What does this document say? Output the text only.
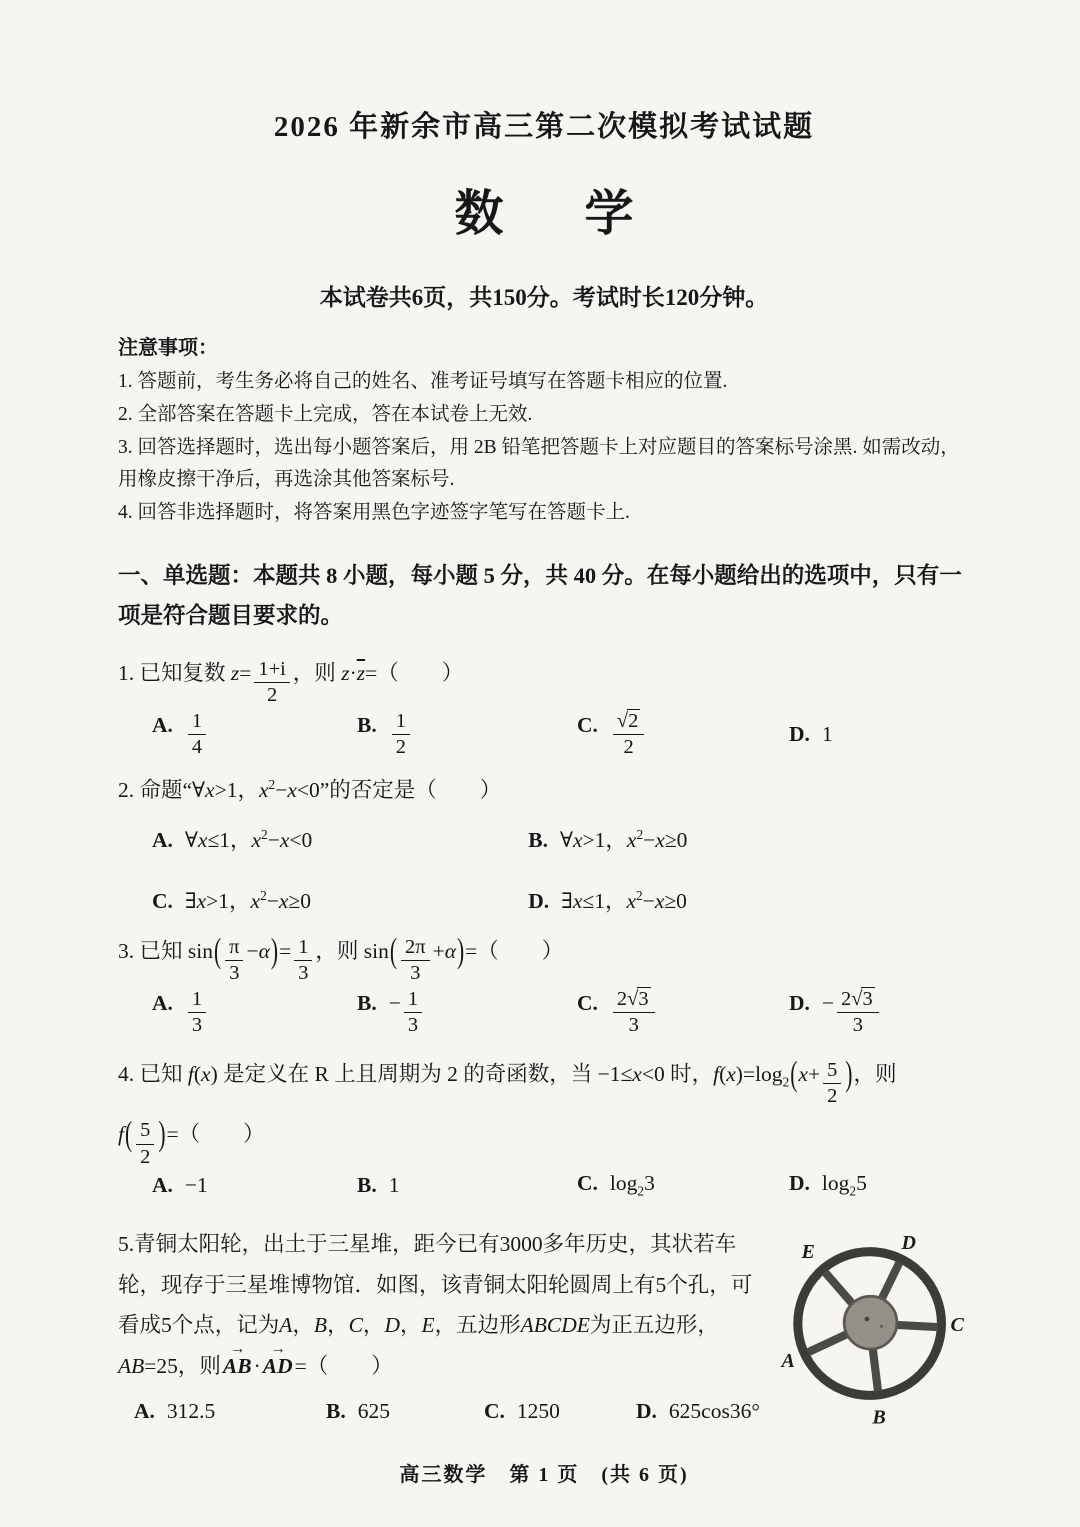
2026 年新余市高三第二次模拟考试试题
数　学
本试卷共6页，共150分。考试时长120分钟。
注意事项：
1. 答题前，考生务必将自己的姓名、准考证号填写在答题卡相应的位置.
2. 全部答案在答题卡上完成，答在本试卷上无效.
3. 回答选择题时，选出每小题答案后，用 2B 铅笔把答题卡上对应题目的答案标号涂黑. 如需改动，用橡皮擦干净后，再选涂其他答案标号.
4. 回答非选择题时，将答案用黑色字迹签字笔写在答题卡上.
一、单选题：本题共 8 小题，每小题 5 分，共 40 分。在每小题给出的选项中，只有一项是符合题目要求的。
1. 已知复数 $z= \frac{1+i}{2}$ ，则 $z\cdot\overline{z}=$（　　）
A. $\frac{1}{4}$	B. $\frac{1}{2}$	C. $\frac{√2}{2}$	D. 1
2. 命题“∀x>1，$x^2-x<0$”的否定是（　　）
A. ∀x≤1，$x^2-x<0$	B. ∀x>1，$x^2-x\ge 0$
C. ∃x>1，$x^2-x\ge 0$	D. ∃x≤1，$x^2-x\ge 0$
3. 已知 $\sin( \frac{\pi}{3} -\alpha)= \frac{1}{3}$ ，则 $\sin( \frac{2\pi}{3} +\alpha)=$（　　）
A. $\frac{1}{3}$	B. − $\frac{1}{3}$	C. $\frac{2√3}{3}$	D. − $\frac{2√3}{3}$
4. 已知 f(x) 是定义在 R 上且周期为 2 的奇函数，当 −1≤x<0 时，$f(x)=\log_2(x+ \frac{5}{2}$ )，则
$f( \frac{5}{2}$ )=（　　）
A. −1	B. 1	C. $\log_23$	D. $\log_25$
5.青铜太阳轮，出土于三星堆，距今已有3000多年历史，其状若车轮，现存于三星堆博物馆．如图，该青铜太阳轮圆周上有5个孔，可看成5个点，记为A，B，C，D，E，五边形ABCDE为正五边形，AB=25，则AB →·AD →=（　　）
A. 312.5	B. 625	C. 1250	D. 625cos36°
A
B
C
D
E
高三数学　第 1 页　(共 6 页)
